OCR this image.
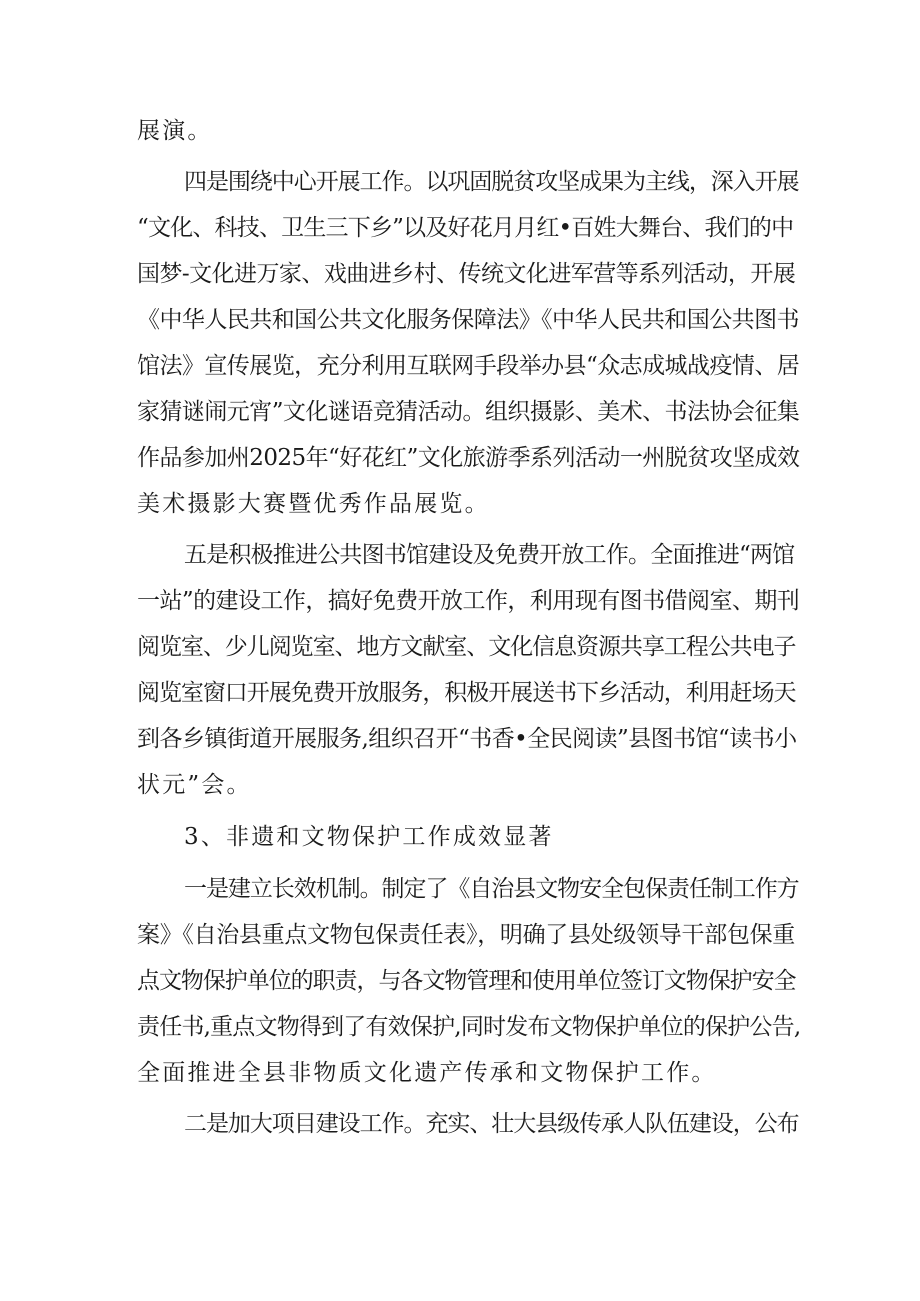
展演。
四是围绕中心开展工作。以巩固脱贫攻坚成果为主线，深入开展
“文化、科技、卫生三下乡”以及好花月月红•百姓大舞台、我们的中
国梦-文化进万家、戏曲进乡村、传统文化进军营等系列活动，开展
《中华人民共和国公共文化服务保障法》《中华人民共和国公共图书
馆法》宣传展览，充分利用互联网手段举办县“众志成城战疫情、居
家猜谜闹元宵”文化谜语竞猜活动。组织摄影、美术、书法协会征集
作品参加州2025年“好花红”文化旅游季系列活动一州脱贫攻坚成效
美术摄影大赛暨优秀作品展览。
五是积极推进公共图书馆建设及免费开放工作。全面推进“两馆
一站”的建设工作，搞好免费开放工作，利用现有图书借阅室、期刊
阅览室、少儿阅览室、地方文献室、文化信息资源共享工程公共电子
阅览室窗口开展免费开放服务，积极开展送书下乡活动，利用赶场天
到各乡镇街道开展服务,组织召开“书香•全民阅读”县图书馆“读书小
状元”会。
3、非遗和文物保护工作成效显著
一是建立长效机制。制定了《自治县文物安全包保责任制工作方
案》《自治县重点文物包保责任表》，明确了县处级领导干部包保重
点文物保护单位的职责，与各文物管理和使用单位签订文物保护安全
责任书,重点文物得到了有效保护,同时发布文物保护单位的保护公告,
全面推进全县非物质文化遗产传承和文物保护工作。
二是加大项目建设工作。充实、壮大县级传承人队伍建设，公布
